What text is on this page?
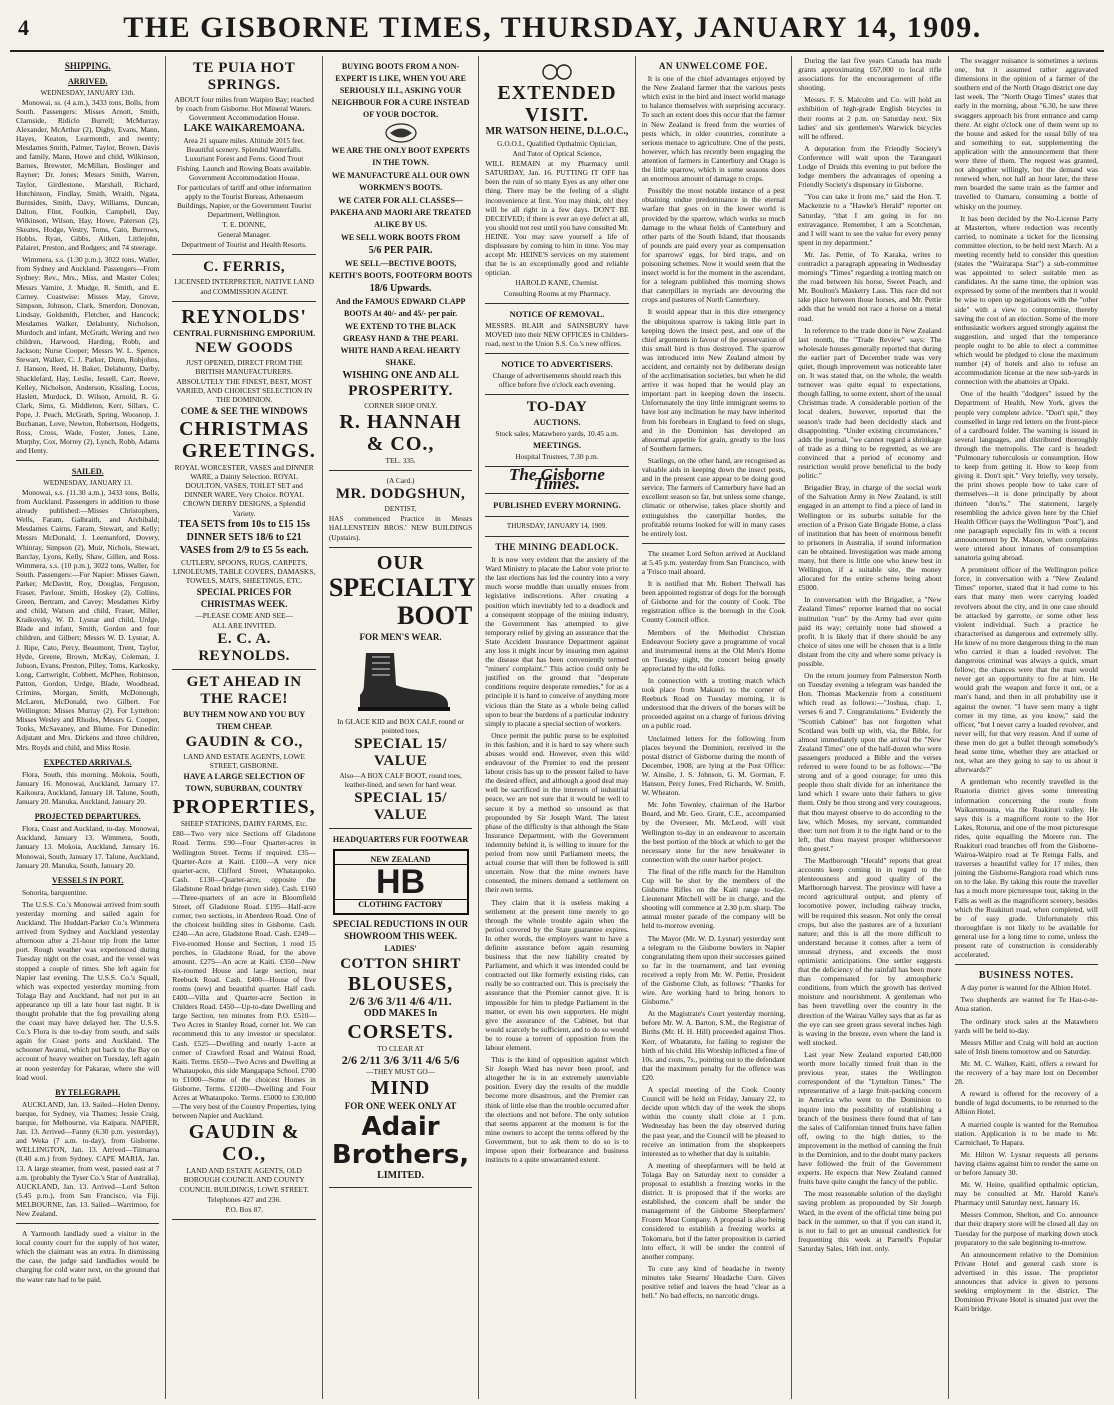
4	THE GISBORNE TIMES, THURSDAY, JANUARY 14, 1909.
SHIPPING.
ARRIVED.
WEDNESDAY, JANUARY 13th.

Monowai, ss. (4 a.m.), 3433 tons, Bolls, from South. Passengers: Misses Arnott, Smith, Clarnside, Ridiclo Burrell; McMurray, Alexander, McArthur (2), Digby, Evans, Mann, Hayes, Keaton, Learmonth, and twenty; Mesdames Smith, Palmer, Taylor, Brown, Davis and family, Mann, Howe and child, Wilkinson, Barnes, Brewster, McMillan, Boslinger and Rayner; Dr. Jones; Messrs Smith, Warren, Taylor, Girdlestone, Marshall, Richard, Hutchinson, Findlay, Smith, Wraith, Ngata, Burnsides, Smith, Davy, Williams, Duncan, Dalton, Flint, Foulkin, Campbell, Day, Wilkinson, Wilson, Hay, Howe, Paterson (2), Skeates, Hodge, Vestry, Toms, Cato, Burrows, Hobbs, Ryan, Gibbs, Aitken, Littlejohn, Palairet, Preston, and Rodgers; and 74 steerage.

Wimmera, s.s. (1.30 p.m.), 3022 tons, Waller, from Sydney and Auckland. Passengers—From Sydney: Rev., Mrs., Miss, and Master Coles; Messrs Vamire, J. Mudge, R. Smith, and E. Carney. Coastwise: Misses May, Grove, Simpson, Johnson, Clark, Smerdon, Donovan, Lindsay, Goldsmith, Fletcher, and Hancock; Mesdames Walker, Delahunty, Nicholson, Murdoch and infant, McGrath, Wering and two children, Harwood, Harding, Robb, and Jackson; Nurse Cooper; Messrs W. L. Spence, Stewart, Walker, C. J. Parker, Dunn, Robjohns, J. Hanson, Reed, H. Baker, Delahunty, Darby, Shacklefard, Hay, Leslie, Jessell, Carr, Reeve, Kelley, Nicholson, Anderson, Kissling, Locus, Haslett, Murdock, D. Wilson, Arnold, R. G. Clark, Sims, G. Middleton, Kerr, Sillars, C. Pope, J. Peach, McGrath, Spring, Woosnop, J. Buchanan, Love, Newton, Robertson, Hodgetts, Ross, Cross, Wade, Foster, Jones, Lane, Murphy, Cox, Morrey (2), Lynch, Robb, Adams and Henty.

SAILED.
WEDNESDAY, JANUARY 13.

Monowai, s.s. (11.30 a.m.), 3433 tons, Bolls, from Auckland. Passengers in addition to those already published:—Misses Christophers, Wells, Faram, Galbraith, and Archibald; Mesdames Cairns, Faram, Stewart, and Kelly; Messrs McDonald, J. Leemanford, Dovery, Whinray, Simpson (2), Muir, Nichols, Stewart, Barclay, Lyons, Kelly, Shaw, Gillen, and Ross. Wimmera, s.s. (10 p.m.), 3022 tons, Waller, for South. Passengers:—For Napier: Misses Gawn, Parker, McDavitt, Roy, Douglas, Ferguson, Fraser, Pavlour, Smith, Hoskey (2), Collins, Green, Bertram, and Cavey; Mesdames Kirby and child, Watson and child, Fraser, Miller, Kraikovsky, W. D. Lysnar and child, Urdge, Blade and infant, Smith, Gordon and four children, and Gilbert; Messrs W. D. Lysnar, A. J. Ripe, Cato, Percy, Beaumont, Trent, Taylor, Hyde, Greene, Brown, McKay, Coleman, J. Jobson, Evans, Preston, Pilley, Toms, Karkosky, Long, Cartwright, Cobbett, McPhee, Robinson, Patton, Gordon, Urdge, Blade, Woodhead, Crimins, Morgan, Smith, McDonough, McLaren, McDonald, two Gilbert. For Wellington: Misses Murray (2). For Lyttelton: Misses Wesley and Rhodes, Messrs G. Cooper, Tonks, McSavaney, and Blume. For Dunedin: Adjutant and Mrs. Dickens and three children, Mrs. Royds and child, and Miss Rosie.

EXPECTED ARRIVALS.

Flora, South, this morning. Mokoia, South, January 16. Monowai, Auckland, January 17. Kaikoura, Auckland, January 18. Talune, South, January 20. Manuka, Auckland, January 20.

PROJECTED DEPARTURES.

Flora, Coast and Auckland, to-day. Monowai, Auckland, January 13. Wimmera, South, January 13. Mokoia, Auckland, January 16. Monowai, South, January 17. Talune, Auckland, January 20. Manuka, South, January 20.

VESSELS IN PORT.

Sonorita, barquentine.

The U.S.S. Co.'s Monowai arrived from south yesterday morning and sailed again for Auckland. The Huddart-Parker Co.'s Wimmera arrived from Sydney and Auckland yesterday afternoon after a 21-hour trip from the latter port. Rough weather was experienced during Tuesday night on the coast, and the vessel was stopped a couple of times. She left again for Napier last evening. The U.S.S. Co.'s Squall, which was expected yesterday morning from Tolaga Bay and Auckland, had not put in an appearance up till a late hour last night. It is thought probable that the fog prevailing along the coast may have delayed her. The U.S.S. Co.'s Flora is due to-day from south, and sails again for Coast ports and Auckland. The schooner Awanui, which put back to the Bay on account of heavy weather on Tuesday, left again at noon yesterday for Pakarae, where she will load wool.

BY TELEGRAPH.

AUCKLAND, Jan. 13. Sailed—Helen Denny, barque, for Sydney, via Thames; Jessie Craig, barque, for Melbourne, via Kaipara. NAPIER, Jan. 13. Arrived—Fanny (6.30 p.m. yesterday), and Weka (7 a.m. to-day), from Gisborne. WELLINGTON, Jan. 13. Arrived—Tiimaroa (8.40 a.m.) from Sydney. CAPE MARIA, Jan. 13. A large steamer, from west, passed east at 7 a.m. (probably the Tyser Co.'s Star of Australia). AUCKLAND, Jan. 13. Arrived—Lord Selton (5.45 p.m.), from San Francisco, via Fiji. MELBOURNE, Jan. 13. Sailed—Warrimoo, for New Zealand.

A Yarmouth landlady sued a visitor in the local county court for the supply of hot water, which the claimant was an extra. In dismissing the case, the judge said landladies would be charging for cold water next, on the ground that the water rate had to be paid.

TE PUIA HOT SPRINGS.

ABOUT four miles from Waipiro Bay; reached by coach from Gisborne. Hot Mineral Waters. Government Accommodation House.

LAKE WAIKAREMOANA.

Area 21 square miles. Altitude 2015 feet. Beautiful scenery. Splendid Waterfalls. Luxuriant Forest and Ferns. Good Trout Fishing. Launch and Rowing Boats available. Government Accommodation House.

For particulars of tariff and other information apply to the Tourist Bureau, Athenaeum Buildings, Napier, or the Government Tourist Department, Wellington.

T. E. DONNE,

General Manager.

Department of Tourist and Health Resorts.

C. FERRIS,

LICENSED INTERPRETER, NATIVE LAND and COMMISSION AGENT.

REYNOLDS'
CENTRAL FURNISHING EMPORIUM.
NEW GOODS

JUST OPENED, DIRECT FROM THE BRITISH MANUFACTURERS.

ABSOLUTELY THE FINEST, BEST, MOST VARIED, AND CHOICEST SELECTION IN THE DOMINION.

COME & SEE THE WINDOWS

CHRISTMAS
GREETINGS.

ROYAL WORCESTER, VASES and DINNER WARE, a Dainty Selection. ROYAL DOULTON, VASES, TOILET SET and DINNER WARE, Very Choice. ROYAL CROWN DERBY DESIGNS, a Splendid Variety.

TEA SETS from 10s to £15 15s

DINNER SETS 18/6 to £21

VASES from 2/9 to £5 5s each.

CUTLERY, SPOONS, RUGS, CARPETS, LINOLEUMS, TABLE COVERS, DAMASKS, TOWELS, MATS, SHEETINGS, ETC.

SPECIAL PRICES FOR CHRISTMAS WEEK.

—PLEASE COME AND SEE—

ALL ARE INVITED.

E. C. A. REYNOLDS.
GET AHEAD IN THE RACE!

BUY THEM NOW AND YOU BUY THEM CHEAP.

GAUDIN & CO.,

LAND AND ESTATE AGENTS, LOWE STREET, GISBORNE.

HAVE A LARGE SELECTION OF TOWN, SUBURBAN, COUNTRY

PROPERTIES,

SHEEP STATIONS, DAIRY FARMS, Etc.

£80—Two very nice Sections off Gladstone Road. Terms. £90—Four Quarter-acres in Wellington Street. Terms if required. £35—Quarter-Acre at Kaiti. £100—A very nice quarter-acre, Clifford Street, Whataupoko. Cash. £130—Quarter-acre, opposite the Gladstone Road bridge (town side). Cash. £160—Three-quarters of an acre in Bloomfield Street, off Gladstone Road. £195—Half-acre corner, two sections, in Aberdeen Road. One of the choicest building sites in Gisborne. Cash. £240—An acre, Gladstone Road. Cash. £249—Five-roomed House and Section, 1 rood 15 perches, in Gladstone Road, for the above amount. £275—An acre at Kaiti. £350—New six-roomed House and large section, near Reebuck Road. Cash. £400—House of five rooms (new) and beautiful quarter. Half cash. £400—Villa and Quarter-acre Section in Childers Road. £450—Up-to-date Dwelling and large Section, ten minutes from P.O. £510—Two Acres in Stanley Road, corner lot. We can recommend this to any investor or speculator. Cash. £525—Dwelling and nearly 1-acre at corner of Crawford Road and Wainui Road, Kaiti. Terms. £650—Two Acres and Dwelling at Whataupoko, this side Mangapapa School. £700 to £1000—Some of the choicest Homes in Gisborne. Terms. £1200—Dwelling and Four Acres at Whataupoko. Terms. £5000 to £30,000—The very best of the Country Properties, lying between Napier and Auckland.

GAUDIN & CO.,

LAND AND ESTATE AGENTS, OLD BOROUGH COUNCIL AND COUNTY COUNCIL BUILDINGS, LOWE STREET.

Telephones 427 and 236.

P.O. Box 87.

BUYING BOOTS FROM A NON-EXPERT IS LIKE, WHEN YOU ARE SERIOUSLY ILL, ASKING YOUR NEIGHBOUR FOR A CURE INSTEAD OF YOUR DOCTOR.

WE ARE THE ONLY BOOT EXPERTS IN THE TOWN.

WE MANUFACTURE ALL OUR OWN WORKMEN'S BOOTS.

WE CATER FOR ALL CLASSES—PAKEHA AND MAORI ARE TREATED ALIKE BY US.

WE SELL WORK BOOTS FROM

5/6 PER PAIR.

WE SELL—BECTIVE BOOTS, KEITH'S BOOTS, FOOTFORM BOOTS

18/6 Upwards.

And the FAMOUS EDWARD CLAPP BOOTS At 40/- and 45/- per pair.

WE EXTEND TO THE BLACK GREASY HAND & THE PEARL WHITE HAND A REAL HEARTY SHAKE.

WISHING ONE AND ALL

PROSPERITY.

CORNER SHOP ONLY.

R. HANNAH & CO.,

TEL. 335.

(A Card.)

MR. DODGSHUN,

DENTIST,

HAS commenced Practice in Messrs HALLENSTEIN BROS.' NEW BUILDINGS (Upstairs).

OUR
SPECIALTY
BOOT

FOR MEN'S WEAR.

In GLACE KID and BOX CALF, round or pointed toes,

SPECIAL 15/ VALUE

Also—A BOX CALF BOOT, round toes, leather-lined, and sewn for hard wear.

SPECIAL 15/ VALUE

HEADQUARTERS FUR FOOTWEAR

NEW ZEALAND
HB
CLOTHING FACTORY

SPECIAL REDUCTIONS IN OUR SHOWROOM THIS WEEK.

LADIES'

COTTON SHIRT
BLOUSES,
2/6 3/6 3/11 4/6 4/11.

ODD MAKES In

CORSETS.

TO CLEAR AT

2/6 2/11 3/6 3/11 4/6 5/6

—THEY MUST GO—

MIND

FOR ONE WEEK ONLY AT

Adair Brothers,

LIMITED.

EXTENDED VISIT.
MR WATSON HEINE, D.L.O.C.,

G.O.O.I., Qualified Opthalmic Optician,

And Tutor of Optical Science,

WILL REMAIN at my Pharmacy until SATURDAY, Jan. 16. PUTTING IT OFF has been the ruin of so many Eyes as any other one thing. There may be the feeling of a slight inconvenience at first. You may think, oh! they will be all right in a few days. DON'T BE DECEIVED; if there is ever an eye defect at all, you should not rest until you have consulted Mr. HEINE. You may save yourself a life of displeasure by coming to him in time. You may accept Mr. HEINE'S services on my statement that he is an exceptionally good and reliable optician.

HAROLD KANE, Chemist.

Consulting Rooms at my Pharmacy.

NOTICE OF REMOVAL.

MESSRS. BLAIR and SAINSBURY have MOVED into their NEW OFFICES in Childers-road, next to the Union S.S. Co.'s new offices.

NOTICE TO ADVERTISERS.

Change of advertisements should reach this office before five o'clock each evening.

TO-DAY
AUCTIONS.

Stock sales, Matawhero yards, 10.45 a.m.

MEETINGS.

Hospital Trustees, 7.30 p.m.

The Gisborne Times.
PUBLISHED EVERY MORNING.
THURSDAY, JANUARY 14, 1909.
THE MINING DEADLOCK.

It is now very evident that the anxiety of the Ward Ministry to placate the Labor vote prior to the last elections has led the country into a very much worse muddle than usually ensues from legislative indiscretions. After creating a position which inevitably led to a deadlock and a consequent stoppage of the mining industry, the Government has attempted to give temporary relief by giving an assurance that the State Accident Insurance Department against any loss it might incur by insuring men against the disease that has been conveniently termed "miners' complaint." This action could only be justified on the ground that "desperate conditions require desperate remedies," for as a principle it is hard to conceive of anything more vicious than the State as a whole being called upon to bear the burdens of a particular industry simply to placate a special section of workers.

Once permit the public purse to be exploited in this fashion, and it is hard to say where such abuses would end. However, even this wild endeavour of the Premier to end the present labour crisis has up to the present failed to have the desired effect, and although a good deal may well be sacrificed in the interests of industrial peace, we are not sure that it would be well to secure it by a method so unsound as that propounded by Sir Joseph Ward. The latest phase of the difficulty is that although the State Insurance Department, with the Government indemnity behind it, is willing to insure for the period from now until Parliament meets, the actual course that will then be followed is still uncertain. Now that the mine owners have consented, the miners demand a settlement on their own terms.

They claim that it is useless making a settlement at the present time merely to go through the whole trouble again when the period covered by the State guarantee expires. In other words, the employers want to have a definite assurance before again resuming business that the new liability created by Parliament, and which it was intended could be contracted out like formerly existing risks, can really be so contracted out. This is precisely the assurance that the Premier cannot give. It is impossible for him to pledge Parliament in the matter, or even his own supporters. He might give the assurance of the Cabinet, but that would scarcely be sufficient, and to do so would be to rouse a torrent of opposition from the labour element.

This is the kind of opposition against which Sir Joseph Ward has never been proof, and altogether he is in an extremely unenviable position. Every day the results of the muddle become more disastrous, and the Premier can think of little else than the trouble occurred after the elections and not before. The only solution that seems apparent at the moment is for the mine owners to accept the terms offered by the Government, but to ask them to do so is to impose upon their forbearance and business instincts to a quite unwarranted extent.

AN UNWELCOME FOE.

It is one of the chief advantages enjoyed by the New Zealand farmer that the various pests which exist in the bird and insect world manage to balance themselves with surprising accuracy. To such an extent does this occur that the farmer in New Zealand is freed from the worries of pests which, in older countries, constitute a serious menace to agriculture. One of the pests, however, which has recently been engaging the attention of farmers in Canterbury and Otago is the little sparrow, which in some seasons does an enormous amount of damage to crops.

Possibly the most notable instance of a pest obtaining undue predominance in the eternal warfare that goes on in the lower world is provided by the sparrow, which works so much damage to the wheat fields of Canterbury and other parts of the South Island, that thousands of pounds are paid every year as compensation for sparrows' eggs, for bird traps, and on poisoning schemes. Now it would seem that the insect world is for the moment in the ascendant, for a telegram published this morning shows that caterpillars in myriads are devouring the crops and pastures of North Canterbury.

It would appear that in this dire emergency the ubiquitous sparrow is taking little part in keeping down the insect pest, and one of the chief arguments in favour of the preservation of this small bird is thus destroyed. The sparrow was introduced into New Zealand almost by accident, and certainly not by deliberate design of the acclimatisation societies, but when he did arrive it was hoped that he would play an important part in keeping down the insects. Unfortunately the tiny little immigrant seems to have lost any inclination he may have inherited from his forebears in England to feed on slugs, and in the Dominion has developed an abnormal appetite for grain, greatly to the loss of Southern farmers.

Starlings, on the other hand, are recognised as valuable aids in keeping down the insect pests, and in the present case appear to be doing good service. The farmers of Canterbury have had an excellent season so far, but unless some change, climatic or otherwise, takes place shortly and extinguishes the caterpillar hordes, the profitable returns looked for will in many cases be entirely lost.

The steamer Lord Sefton arrived at Auckland at 5.45 p.m. yesterday from San Francisco, with a 'Frisco mail aboard.

It is notified that Mr. Robert Thelwall has been appointed registrar of dogs for the borough of Gisborne and for the county of Cook. The registration office is the borough in the Cook County Council office.

Members of the Methodist Christian Endeavour Society gave a programme of vocal and instrumental items at the Old Men's Home on Tuesday night, the concert being greatly appreciated by the old folks.

In connection with a trotting match which took place from Makauri to the corner of Reebuck Road on Tuesday morning, it is understood that the drivers of the horses will be proceeded against on a charge of furious driving on a public road.

Unclaimed letters for the following from places beyond the Dominion, received in the postal district of Gisborne during the month of December, 1908, are lying at the Post Office: W. Ainslie, J. S. Johnson, G. M. Gorman, F. Hanson, Percy Jones, Fred Richards, W. Smith, W. Wheaton.

Mr. John Townley, chairman of the Harbor Board, and Mr. Geo. Grant, C.E., accompanied by the Overseer, Mr. McLeod, will visit Wellington to-day in an endeavour to ascertain the best portion of the block at which to get the necessary stone for the new breakwater in connection with the outer harbor project.

The final of the rifle match for the Hamilton Cup will be shot by the members of the Gisborne Rifles on the Kaiti range to-day. Lieutenant Mitchell will be in charge, and the shooting will commence at 2.30 p.m. sharp. The annual muster parade of the company will be held to-morrow evening.

The Mayor (Mr. W. D. Lysnar) yesterday sent a telegram to the Gisborne bowlers in Napier congratulating them upon their successes gained so far in the tournament, and last evening received a reply from Mr. W. Pettie, President of the Gisborne Club, as follows: "Thanks for wire. Are working hard to bring honors to Gisborne."

At the Magistrate's Court yesterday morning, before Mr. W. A. Barton, S.M., the Registrar of Births (Mr. H. H. Hill) proceeded against Thos. Kerr, of Whatatutu, for failing to register the birth of his child. His Worship inflicted a fine of 10s. and costs, 7s., pointing out to the defendant that the maximum penalty for the offence was £20.

A special meeting of the Cook County Council will be held on Friday, January 22, to decide upon which day of the week the shops within the county shall close at 1 p.m. Wednesday has been the day observed during the past year, and the Council will be pleased to receive an intimation from the shopkeepers interested as to whether that day is suitable.

A meeting of sheepfarmers will be held at Tolaga Bay on Saturday next to consider a proposal to establish a freezing works in the district. It is proposed that if the works are established, the concern shall be under the management of the Gisborne Sheepfarmers' Frozen Meat Company. A proposal is also being considered to establish a freezing works at Tokomaru, but if the latter proposition is carried into effect, it will be under the control of another company.

To cure any kind of headache in twenty minutes take Stearns' Headache Cure. Gives positive relief and leaves the head "clear as a bell." No bad effects, no narcotic drugs.

During the last five years Canada has made grants approximating £67,000 to local rifle associations for the encouragement of rifle shooting.

Messrs. F. S. Malcolm and Co. will hold an exhibition of high-grade English bicycles in their rooms at 2 p.m. on Saturday next. Six ladies' and six gentlemen's Warwick bicycles will be offered.

A deputation from the Friendly Society's Conference will wait upon the Tarangauri Lodge of Druids this evening to put before the lodge members the advantages of opening a Friendly Society's dispensary in Gisborne.

"You can take it from me," said the Hon. T. Mackenzie to a "Hawke's Herald" reporter on Saturday, "that I am going in for no extravagance. Remember, I am a Scotchman, and I will want to see the value for every penny spent in my department."

Mr. Jas. Pettie, of To Karaka, writes to contradict a paragraph appearing in Wednesday morning's "Times" regarding a trotting match on the road between his horse, Sweet Peach, and Mr. Boulton's Maskerry Lass. This race did not take place between those horses, and Mr. Pettie adds that he would not race a horse on a metal road.

In reference to the trade done in New Zealand last month, the "Trade Review" says: The wholesale houses generally reported that during the earlier part of December trade was very quiet, though improvement was noticeable later on. It was stated that, on the whole, the wealth turnover was quite equal to expectations, though falling, to some extent, short of the usual Christmas trade. A considerable portion of the local dealers, however, reported that the season's trade had been decidedly slack and disappointing. "Under existing circumstances," adds the journal, "we cannot regard a shrinkage of trade as a thing to be regretted, as we are convinced that a period of economy and restriction would prove beneficial to the body politic."

Brigadier Bray, in charge of the social work of the Salvation Army in New Zealand, is still engaged in an attempt to find a piece of land in Wellington or its suburbs suitable for the erection of a Prison Gate Brigade Home, a class of institution that has been of enormous benefit to prisoners in Australia, if sound information can be obtained. Investigation was made among many, but there is little one who knew best in Wellington, if a suitable site, the money allocated for the entire scheme being about £5000.

In conversation with the Brigadier, a "New Zealand Times" reporter learned that no social institution "run" by the Army had ever quite paid its way; certainly none had showed a profit. It is likely that if there should be any choice of sites one will be chosen that is a little distant from the city and where some privacy is possible.

On the return journey from Palmerston North on Tuesday evening a telegram was handed the Hon. Thomas Mackenzie from a constituent which read as follows:—"Joshua, chap. 1, verses 6 and 7. Congratulations." Evidently the "Scottish Cabinet" has not forgotten what Scotland was built up with, via, the Bible, for almost immediately upon the arrival the "New Zealand Times" one of the half-dozen who were passengers produced a Bible and the verses referred to were found to be as follows:—"Be strong and of a good courage; for unto this people thou shalt divide for an inheritance the land which I sware unto their fathers to give them. Only be thou strong and very courageous, that thou mayest observe to do according to the law, which Moses, my servant, commanded thee: turn not from it to the right hand or to the left, that thou mayest prosper whithersoever thou goest."

The Marlborough "Herald" reports that great accounts keep coming in in regard to the plenteousness and good quality of the Marlborough harvest. The province will have a record agricultural output, and plenty of locomotive power, including railway trucks, will be required this season. Not only the cereal crops, but also the pastures are of a luxuriant nature; and this is all the more difficult to understand because it comes after a term of unusual dryness, and exceeds the most optimistic anticipations. One settler suggests that the deficiency of the rainfall has been more than compensated for by atmospheric conditions, from which the growth has derived moisture and nourishment. A gentleman who has been travelling over the country in the direction of the Wairau Valley says that as far as the eye can see green grass several inches high is waving in the breeze, even where the land is well stocked.

Last year New Zealand exported £40,000 worth more locally tinned fruit than in the previous year, states the Wellington correspondent of the "Lyttelton Times." The representative of a large fruit-packing concern in America who went to the Dominion to inquire into the possibility of establishing a branch of the business there found that of late the sales of Californian tinned fruits have fallen off, owing to the high duties, to the improvement in the method of canning the fruit in the Dominion, and to the doubt many packers have followed the fruit of the Government experts. He expects that New Zealand canned fruits have quite caught the fancy of the public.

The most reasonable solution of the daylight saving problem as propounded by Sir Joseph Ward, in the event of the official time being put back in the summer, so that if you can stand it, is not to fail to get an unusual candlestick for frequenting this week at Parnell's Popular Saturday Sales, 16th inst. only.

The swagger nuisance is sometimes a serious one, but it assumed rather aggravated dimensions in the opinion of a farmer of the southern end of the North Otago district one day last week. The "North Otago Times" states that early in the morning, about "6.30, he saw three swaggers approach his front entrance and camp there. At eight o'clock one of them went up to the house and asked for the usual billy of tea and something to eat, supplementing the application with the announcement that there were three of them. The request was granted, not altogether willingly, but the demand was renewed when, not half an hour later, the three men boarded the same train as the farmer and travelled to Oamaru, consuming a bottle of whisky on the journey.

It has been decided by the No-License Party at Masterton, where reduction was recently carried, to nominate a ticket for the licensing committee election, to be held next March. At a meeting recently held to consider this question (states the "Wairarapa Star") a sub-committee was appointed to select suitable men as candidates. At the same time, the opinion was expressed by some of the members that it would be wise to open up negotiations with the "other side" with a view to compromise, thereby saving the cost of an election. Some of the more enthusiastic workers argued strongly against the suggestion, and urged that the temperance people ought to be able to elect a committee which would be pledged to close the maximum number (4) of hotels and also to refuse an accommodation license at the new sub-yards in connection with the abattoirs at Opaki.

One of the health "dodgers" issued by the Department of Health, New York, gives the people very complete advice. "Don't spit," they counselled in large red letters on the front-piece of a cardboard folder. The warning is issued in several languages, and distributed thoroughly through the metropolis. The card is headed: "Pulmonary tuberculosis or consumption. How to keep from getting it. How to keep from giving it. Don't spit." Very briefly, very tersely, the print shows people how to take care of themselves—it is done principally by about thirteen "don'ts." The statement, largely resembling the advice given here by the Chief Health Officer (says the Wellington "Post"), and one paragraph especially fits in with a recent announcement by Dr. Mason, when complaints were uttered about inmates of consumption sanatoria going abroad.

A prominent officer of the Wellington police force, in conversation with a "New Zealand Times" reporter, stated that it had come to his ears that many men were carrying loaded revolvers about the city, and in one case should be attacked by garrotte, or some other less violent individual. Such a practice he characterised as dangerous and extremely silly. He knew of no more dangerous thing to the man who carried it than a loaded revolver. The dangerous criminal was always a quick, smart fellow; the chances were that the man would never get an opportunity to fire at him. He would grab the weapon and force it out, or a man's hand, and then in all probability use it against the owner. "I have seen many a tight corner in my time, as you know," said the officer, "but I never carry a loaded revolver, and never will, for that very reason. And if some of these men do get a bullet through somebody's head some time, whether they are attacked or not, what are they going to say to us about it afterwards?"

A gentleman who recently travelled in the Ruatoria district gives some interesting information concerning the route from Waikaremoana, via the Ruakituri valley. He says this is a magnificent route to the Hot Lakes, Rotorua, and one of the most picturesque rides, quite equalling the Morere run. The Ruakituri road branches off from the Gisborne-Wairoa-Waipiro road at Te Reinga Falls, and traverses a beautiful valley for 17 miles, then joining the Gisborne-Rangiora road which runs on to the lake. By taking this route the traveller has a much more picturesque tour, taking in the Falls as well as the magnificent scenery, besides which the Ruakituri road, when completed, will be of easy grade. Unfortunately this thoroughfare is not likely to be available for general use for a long time to come, unless the present rate of construction is considerably accelerated.

BUSINESS NOTES.

A day porter is wanted for the Albion Hotel.

Two shepherds are wanted for Te Hau-o-te-Atua station.

The ordinary stock sales at the Matawhero yards will be held to-day.

Messrs Miller and Craig will hold an auction sale of Irish linens tomorrow and on Saturday.

Mr. M. C. Walker, Kaiti, offers a reward for the recovery of a bay mare lost on December 28.

A reward is offered for the recovery of a bundle of legal documents, to be returned to the Albion Hotel.

A married couple is wanted for the Remuhoa station. Application is to be made to Mr. Carmichael, Te Hapara.

Mr. Hilton W. Lysnar requests all persons having claims against him to render the same on or before January 30.

Mr. W. Heine, qualified opthalmic optician, may be consulted at Mr. Harold Kane's Pharmacy until Saturday next, January 16.

Messrs Common, Shelton, and Co. announce that their drapery store will be closed all day on Tuesday for the purpose of marking down stock preparatory to the sale beginning to-morrow.

An announcement relative to the Dominion Private Hotel and general cash store is advertised in this issue. The proprietor announces that advice is given to persons seeking employment in the district. The Dominion Private Hotel is situated just over the Kaiti bridge.
